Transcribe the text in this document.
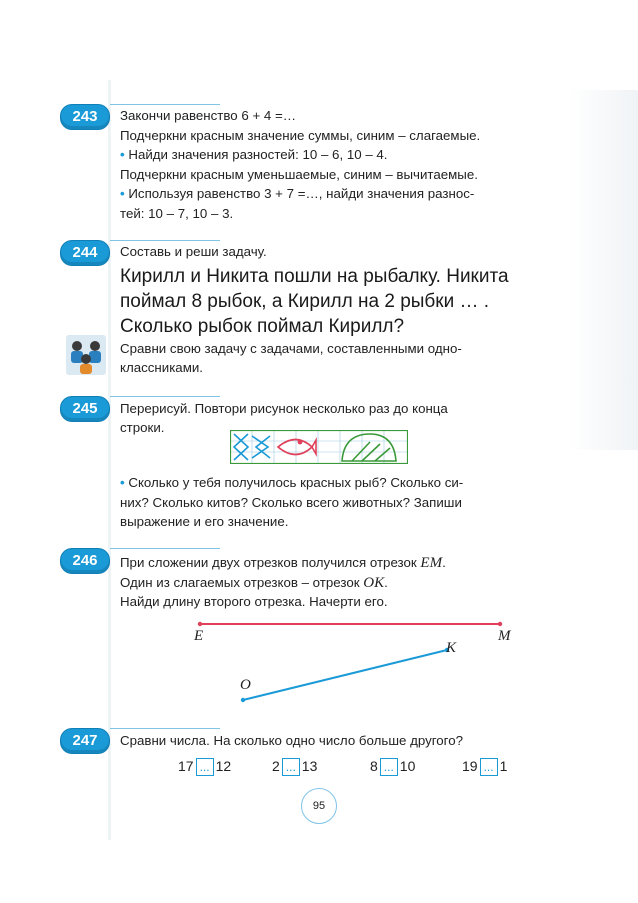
243	Закончи равенство 6 + 4 =…
Подчеркни красным значение суммы, синим – слагаемые.
• Найди значения разностей: 10 – 6, 10 – 4.
Подчеркни красным уменьшаемые, синим – вычитаемые.
• Используя равенство 3 + 7 =…, найди значения разнос-
тей: 10 – 7, 10 – 3.
244	Составь и реши задачу.
Кирилл и Никита пошли на рыбалку. Никита
поймал 8 рыбок, а Кирилл на 2 рыбки … .
Сколько рыбок поймал Кирилл?
Сравни свою задачу с задачами, составленными одно-
классниками.
245	Перерисуй. Повтори рисунок несколько раз до конца
строки.
• Сколько у тебя получилось красных рыб? Сколько си-
них? Сколько китов? Сколько всего животных? Запиши
выражение и его значение.
246	При сложении двух отрезков получился отрезок EM.
Один из слагаемых отрезков – отрезок OK.
Найди длину второго отрезка. Начерти его.
E	M
K
O
247	Сравни числа. На сколько одно число больше другого?
17 ... 12	2 ... 13	8 ... 10	19 ... 1
95
